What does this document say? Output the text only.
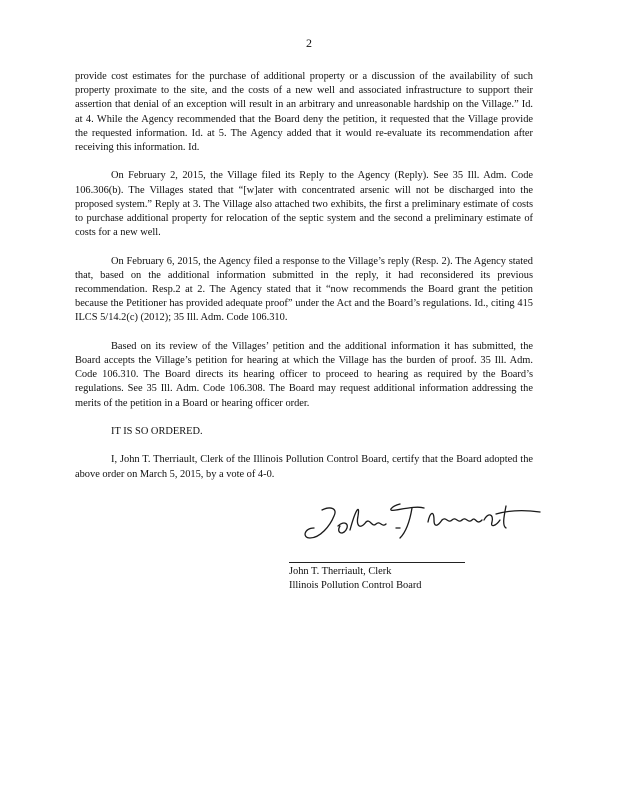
2

provide cost estimates for the purchase of additional property or a discussion of the availability of such property proximate to the site, and the costs of a new well and associated infrastructure to support their assertion that denial of an exception will result in an arbitrary and unreasonable hardship on the Village.” Id. at 4. While the Agency recommended that the Board deny the petition, it requested that the Village provide the requested information. Id. at 5. The Agency added that it would re-evaluate its recommendation after receiving this information. Id.

On February 2, 2015, the Village filed its Reply to the Agency (Reply). See 35 Ill. Adm. Code 106.306(b). The Villages stated that “[w]ater with concentrated arsenic will not be discharged into the proposed system.” Reply at 3. The Village also attached two exhibits, the first a preliminary estimate of costs to purchase additional property for relocation of the septic system and the second a preliminary estimate of costs for a new well.

On February 6, 2015, the Agency filed a response to the Village’s reply (Resp. 2). The Agency stated that, based on the additional information submitted in the reply, it had reconsidered its previous recommendation. Resp.2 at 2. The Agency stated that it “now recommends the Board grant the petition because the Petitioner has provided adequate proof” under the Act and the Board’s regulations. Id., citing 415 ILCS 5/14.2(c) (2012); 35 Ill. Adm. Code 106.310.

Based on its review of the Villages’ petition and the additional information it has submitted, the Board accepts the Village’s petition for hearing at which the Village has the burden of proof. 35 Ill. Adm. Code 106.310. The Board directs its hearing officer to proceed to hearing as required by the Board’s regulations. See 35 Ill. Adm. Code 106.308. The Board may request additional information addressing the merits of the petition in a Board or hearing officer order.

IT IS SO ORDERED.

I, John T. Therriault, Clerk of the Illinois Pollution Control Board, certify that the Board adopted the above order on March 5, 2015, by a vote of 4-0.

John T. Therriault, Clerk
Illinois Pollution Control Board
